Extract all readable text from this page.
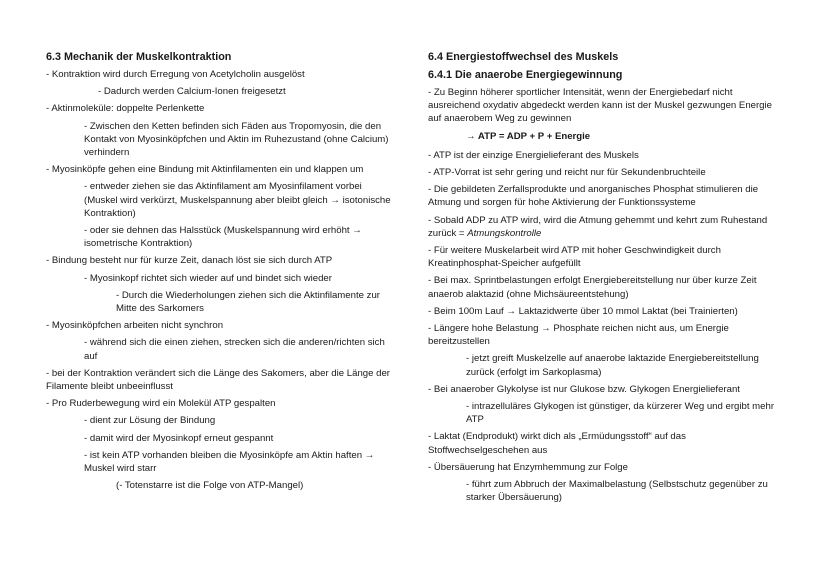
6.3 Mechanik der Muskelkontraktion
- Kontraktion wird durch Erregung von Acetylcholin ausgelöst
- Dadurch werden Calcium-Ionen freigesetzt
- Aktinmoleküle: doppelte Perlenkette
- Zwischen den Ketten befinden sich Fäden aus Tropomyosin, die den Kontakt von Myosinköpfchen und Aktin im Ruhezustand (ohne Calcium) verhindern
- Myosinköpfe gehen eine Bindung mit Aktinfilamenten ein und klappen um
- entweder ziehen sie das Aktinfilament am Myosinfilament vorbei (Muskel wird verkürzt, Muskelspannung aber bleibt gleich → isotonische Kontraktion)
- oder sie dehnen das Halsstück (Muskelspannung wird erhöht → isometrische Kontraktion)
- Bindung besteht nur für kurze Zeit, danach löst sie sich durch ATP
- Myosinkopf richtet sich wieder auf und bindet sich wieder
- Durch die Wiederholungen ziehen sich die Aktinfilamente zur Mitte des Sarkomers
- Myosinköpfchen arbeiten nicht synchron
- während sich die einen ziehen, strecken sich die anderen/richten sich auf
- bei der Kontraktion verändert sich die Länge des Sakomers, aber die Länge der Filamente bleibt unbeeinflusst
- Pro Ruderbewegung wird ein Molekül ATP gespalten
- dient zur Lösung der Bindung
- damit wird der Myosinkopf erneut gespannt
- ist kein ATP vorhanden bleiben die Myosinköpfe am Aktin haften → Muskel wird starr
(- Totenstarre ist die Folge von ATP-Mangel)
6.4 Energiestoffwechsel des Muskels
6.4.1 Die anaerobe Energiegewinnung
- Zu Beginn höherer sportlicher Intensität, wenn der Energiebedarf nicht ausreichend oxydativ abgedeckt werden kann ist der Muskel gezwungen Energie auf anaerobem Weg zu gewinnen
→ ATP = ADP + P + Energie
- ATP ist der einzige Energielieferant des Muskels
- ATP-Vorrat ist sehr gering und reicht nur für Sekundenbruchteile
- Die gebildeten Zerfallsprodukte und anorganisches Phosphat stimulieren die Atmung und sorgen für hohe Aktivierung der Funktionssysteme
- Sobald ADP zu ATP wird, wird die Atmung gehemmt und kehrt zum Ruhestand zurück = Atmungskontrolle
- Für weitere Muskelarbeit wird ATP mit hoher Geschwindigkeit durch Kreatinphosphat-Speicher aufgefüllt
- Bei max. Sprintbelastungen erfolgt Energiebereitstellung nur über kurze Zeit anaerob alaktazid (ohne Michsäureentstehung)
- Beim 100m Lauf → Laktazidwerte über 10 mmol Laktat (bei Trainierten)
- Längere hohe Belastung → Phosphate reichen nicht aus, um Energie bereitzustellen
- jetzt greift Muskelzelle auf anaerobe laktazide Energiebereitstellung zurück (erfolgt im Sarkoplasma)
- Bei anaerober Glykolyse ist nur Glukose bzw. Glykogen Energielieferant
- intrazelluläres Glykogen ist günstiger, da kürzerer Weg und ergibt mehr ATP
- Laktat (Endprodukt) wirkt dich als „Ermüdungsstoff“ auf das Stoffwechselgeschehen aus
- Übersäuerung hat Enzymhemmung zur Folge
- führt zum Abbruch der Maximalbelastung (Selbstschutz gegenüber zu starker Übersäuerung)
